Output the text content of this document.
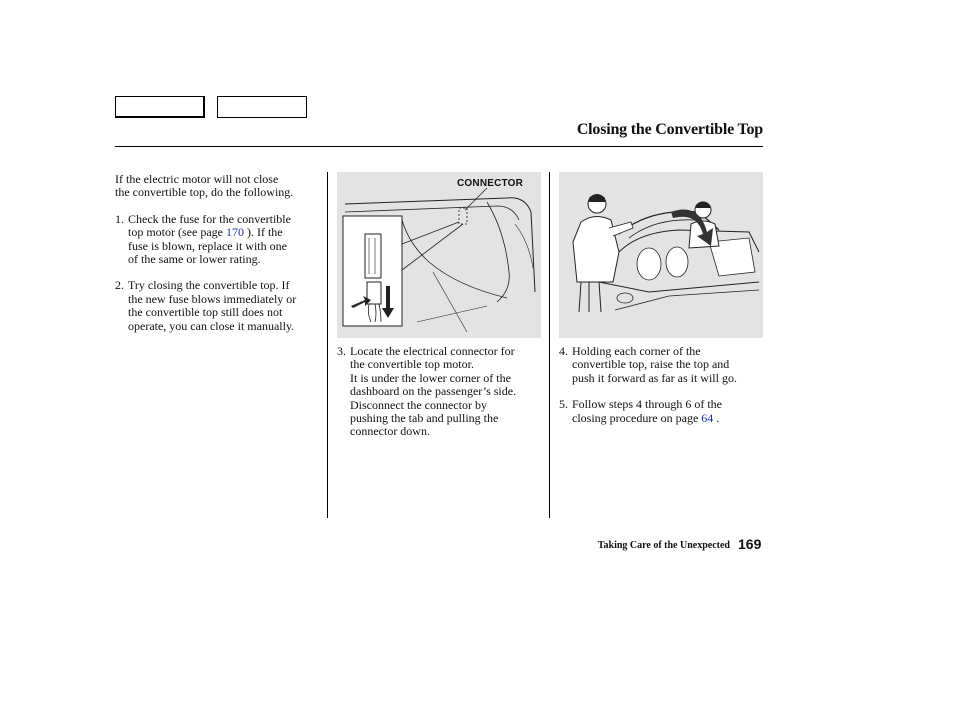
Closing the Convertible Top

If the electric motor will not close

the convertible top, do the following.

1. Check the fuse for the convertible

top motor (see page 170 ). If the

fuse is blown, replace it with one

of the same or lower rating.

2. Try closing the convertible top. If

the new fuse blows immediately or

the convertible top still does not

operate, you can close it manually.

CONNECTOR
3. Locate the electrical connector for

the convertible top motor.

It is under the lower corner of the

dashboard on the passenger’s side.

Disconnect the connector by

pushing the tab and pulling the

connector down.

4. Holding each corner of the

convertible top, raise the top and

push it forward as far as it will go.

5. Follow steps 4 through 6 of the

closing procedure on page 64 .

Taking Care of the Unexpected 169
